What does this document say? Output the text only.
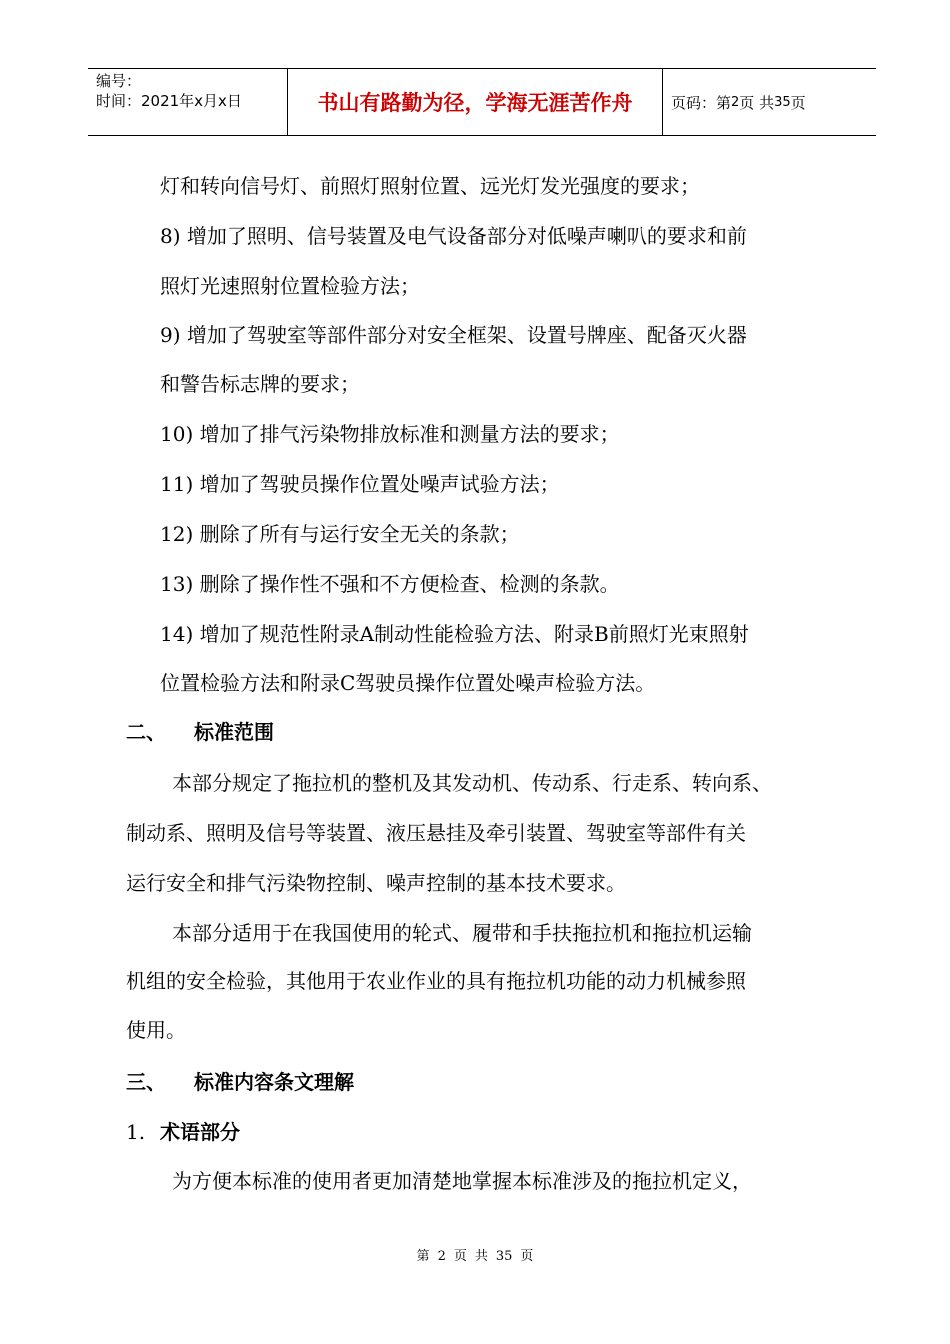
编号：
时间：2021年x月x日	书山有路勤为径，学海无涯苦作舟	页码：第 2 页 共 35 页
灯和转向信号灯、前照灯照射位置、远光灯发光强度的要求；
8) 增加了照明、信号装置及电气设备部分对低噪声喇叭的要求和前
照灯光速照射位置检验方法；
9) 增加了驾驶室等部件部分对安全框架、设置号牌座、配备灭火器
和警告标志牌的要求；
10) 增加了排气污染物排放标准和测量方法的要求；
11) 增加了驾驶员操作位置处噪声试验方法；
12) 删除了所有与运行安全无关的条款；
13) 删除了操作性不强和不方便检查、检测的条款。
14) 增加了规范性附录A制动性能检验方法、附录B前照灯光束照射
位置检验方法和附录C驾驶员操作位置处噪声检验方法。
二、 标准范围
本部分规定了拖拉机的整机及其发动机、传动系、行走系、转向系、
制动系、照明及信号等装置、液压悬挂及牵引装置、驾驶室等部件有关
运行安全和排气污染物控制、噪声控制的基本技术要求。
本部分适用于在我国使用的轮式、履带和手扶拖拉机和拖拉机运输
机组的安全检验，其他用于农业作业的具有拖拉机功能的动力机械参照
使用。
三、 标准内容条文理解
1. 术语部分
为方便本标准的使用者更加清楚地掌握本标准涉及的拖拉机定义，
第 2 页 共 35 页
